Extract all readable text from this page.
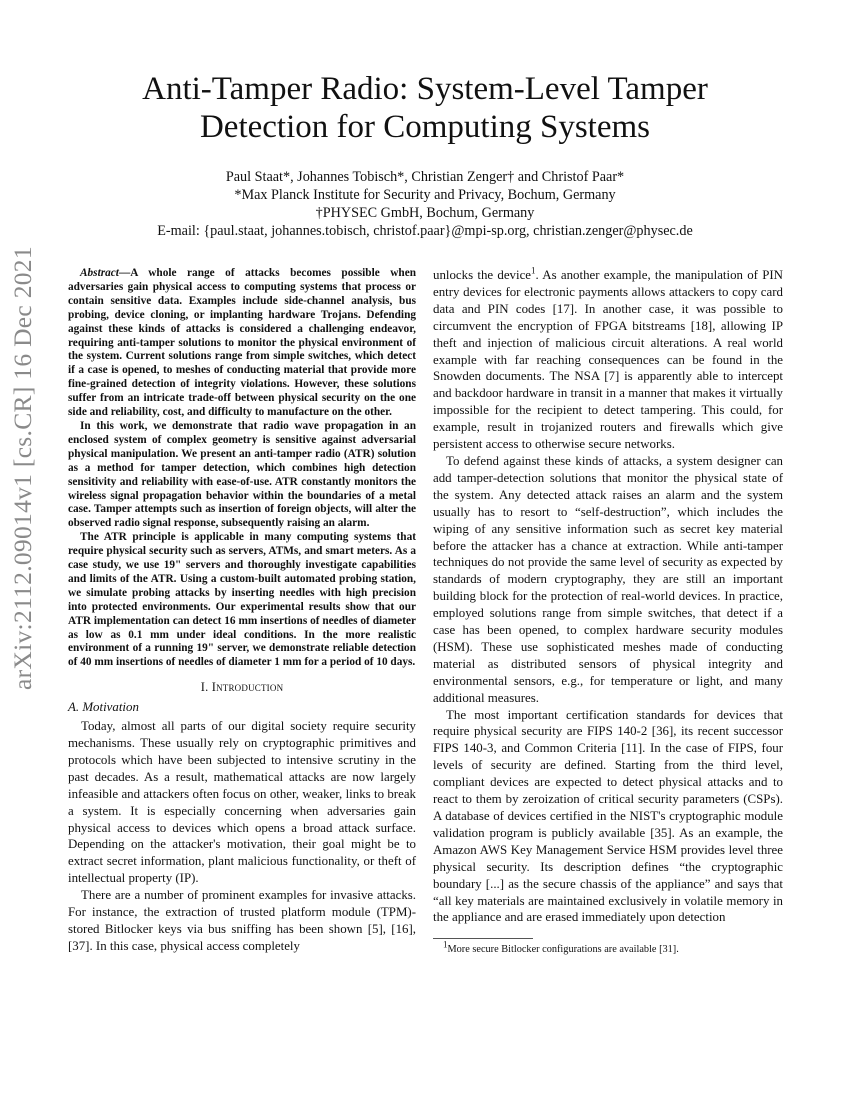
arXiv:2112.09014v1 [cs.CR] 16 Dec 2021
Anti-Tamper Radio: System-Level Tamper Detection for Computing Systems
Paul Staat*, Johannes Tobisch*, Christian Zenger† and Christof Paar*
*Max Planck Institute for Security and Privacy, Bochum, Germany
†PHYSEC GmbH, Bochum, Germany
E-mail: {paul.staat, johannes.tobisch, christof.paar}@mpi-sp.org, christian.zenger@physec.de

Abstract—A whole range of attacks becomes possible when adversaries gain physical access to computing systems that process or contain sensitive data. Examples include side-channel analysis, bus probing, device cloning, or implanting hardware Trojans. Defending against these kinds of attacks is considered a challenging endeavor, requiring anti-tamper solutions to monitor the physical environment of the system. Current solutions range from simple switches, which detect if a case is opened, to meshes of conducting material that provide more fine-grained detection of integrity violations. However, these solutions suffer from an intricate trade-off between physical security on the one side and reliability, cost, and difficulty to manufacture on the other.

In this work, we demonstrate that radio wave propagation in an enclosed system of complex geometry is sensitive against adversarial physical manipulation. We present an anti-tamper radio (ATR) solution as a method for tamper detection, which combines high detection sensitivity and reliability with ease-of-use. ATR constantly monitors the wireless signal propagation behavior within the boundaries of a metal case. Tamper attempts such as insertion of foreign objects, will alter the observed radio signal response, subsequently raising an alarm.

The ATR principle is applicable in many computing systems that require physical security such as servers, ATMs, and smart meters. As a case study, we use 19" servers and thoroughly investigate capabilities and limits of the ATR. Using a custom-built automated probing station, we simulate probing attacks by inserting needles with high precision into protected environments. Our experimental results show that our ATR implementation can detect 16 mm insertions of needles of diameter as low as 0.1 mm under ideal conditions. In the more realistic environment of a running 19" server, we demonstrate reliable detection of 40 mm insertions of needles of diameter 1 mm for a period of 10 days.

I. Introduction
A. Motivation

Today, almost all parts of our digital society require security mechanisms. These usually rely on cryptographic primitives and protocols which have been subjected to intensive scrutiny in the past decades. As a result, mathematical attacks are now largely infeasible and attackers often focus on other, weaker, links to break a system. It is especially concerning when adversaries gain physical access to devices which opens a broad attack surface. Depending on the attacker's motivation, their goal might be to extract secret information, plant malicious functionality, or theft of intellectual property (IP).

There are a number of prominent examples for invasive attacks. For instance, the extraction of trusted platform module (TPM)-stored Bitlocker keys via bus sniffing has been shown [5], [16], [37]. In this case, physical access completely

unlocks the device$^1$. As another example, the manipulation of PIN entry devices for electronic payments allows attackers to copy card data and PIN codes [17]. In another case, it was possible to circumvent the encryption of FPGA bitstreams [18], allowing IP theft and injection of malicious circuit alterations. A real world example with far reaching consequences can be found in the Snowden documents. The NSA [7] is apparently able to intercept and backdoor hardware in transit in a manner that makes it virtually impossible for the recipient to detect tampering. This could, for example, result in trojanized routers and firewalls which give persistent access to otherwise secure networks.

To defend against these kinds of attacks, a system designer can add tamper-detection solutions that monitor the physical state of the system. Any detected attack raises an alarm and the system usually has to resort to “self-destruction”, which includes the wiping of any sensitive information such as secret key material before the attacker has a chance at extraction. While anti-tamper techniques do not provide the same level of security as expected by standards of modern cryptography, they are still an important building block for the protection of real-world devices. In practice, employed solutions range from simple switches, that detect if a case has been opened, to complex hardware security modules (HSM). These use sophisticated meshes made of conducting material as distributed sensors of physical integrity and environmental sensors, e.g., for temperature or light, and many additional measures.

The most important certification standards for devices that require physical security are FIPS 140-2 [36], its recent successor FIPS 140-3, and Common Criteria [11]. In the case of FIPS, four levels of security are defined. Starting from the third level, compliant devices are expected to detect physical attacks and to react to them by zeroization of critical security parameters (CSPs). A database of devices certified in the NIST's cryptographic module validation program is publicly available [35]. As an example, the Amazon AWS Key Management Service HSM provides level three physical security. Its description defines “the cryptographic boundary [...] as the secure chassis of the appliance” and says that “all key materials are maintained exclusively in volatile memory in the appliance and are erased immediately upon detection

$^1$More secure Bitlocker configurations are available [31].
